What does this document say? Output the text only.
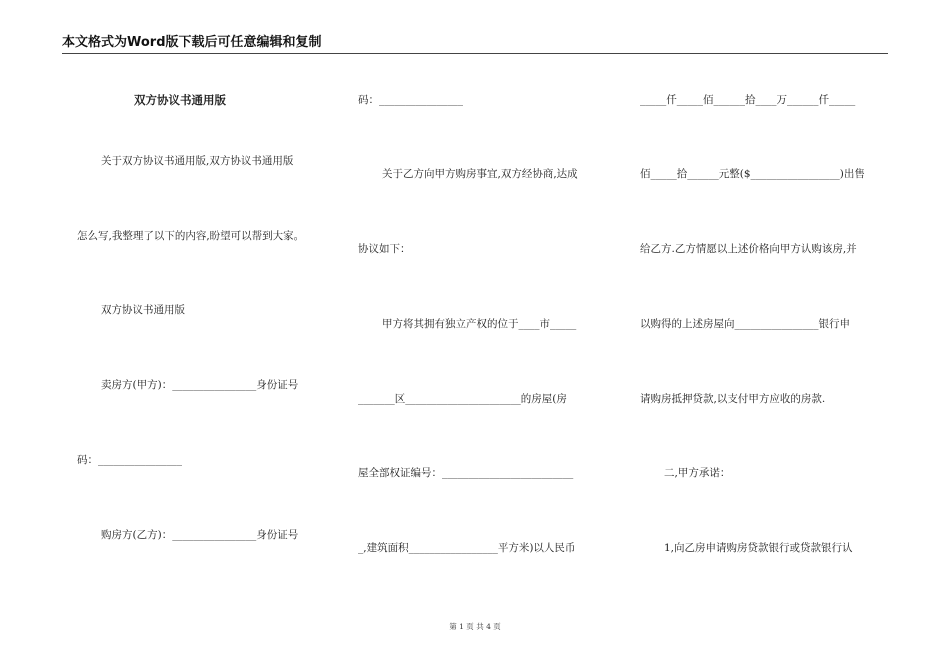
本文格式为Word版下载后可任意编辑和复制
双方协议书通用版
关于双方协议书通用版,双方协议书通用版
怎么写,我整理了以下的内容,盼望可以帮到大家。
双方协议书通用版
卖房方(甲方)：________________身份证号
码：________________
购房方(乙方)：________________身份证号
码：________________
关于乙方向甲方购房事宜,双方经协商,达成
协议如下：
甲方将其拥有独立产权的位于____市_____
_______区______________________的房屋(房
屋全部权证编号：_________________________
_,建筑面积_________________平方米)以人民币
_____仟_____佰______拾____万______仟_____
佰_____拾______元整($_________________)出售
给乙方.乙方情愿以上述价格向甲方认购该房,并
以购得的上述房屋向________________银行申
请购房抵押贷款,以支付甲方应收的房款.
二,甲方承诺：
1,向乙房申请购房贷款银行或贷款银行认
第 1 页 共 4 页
